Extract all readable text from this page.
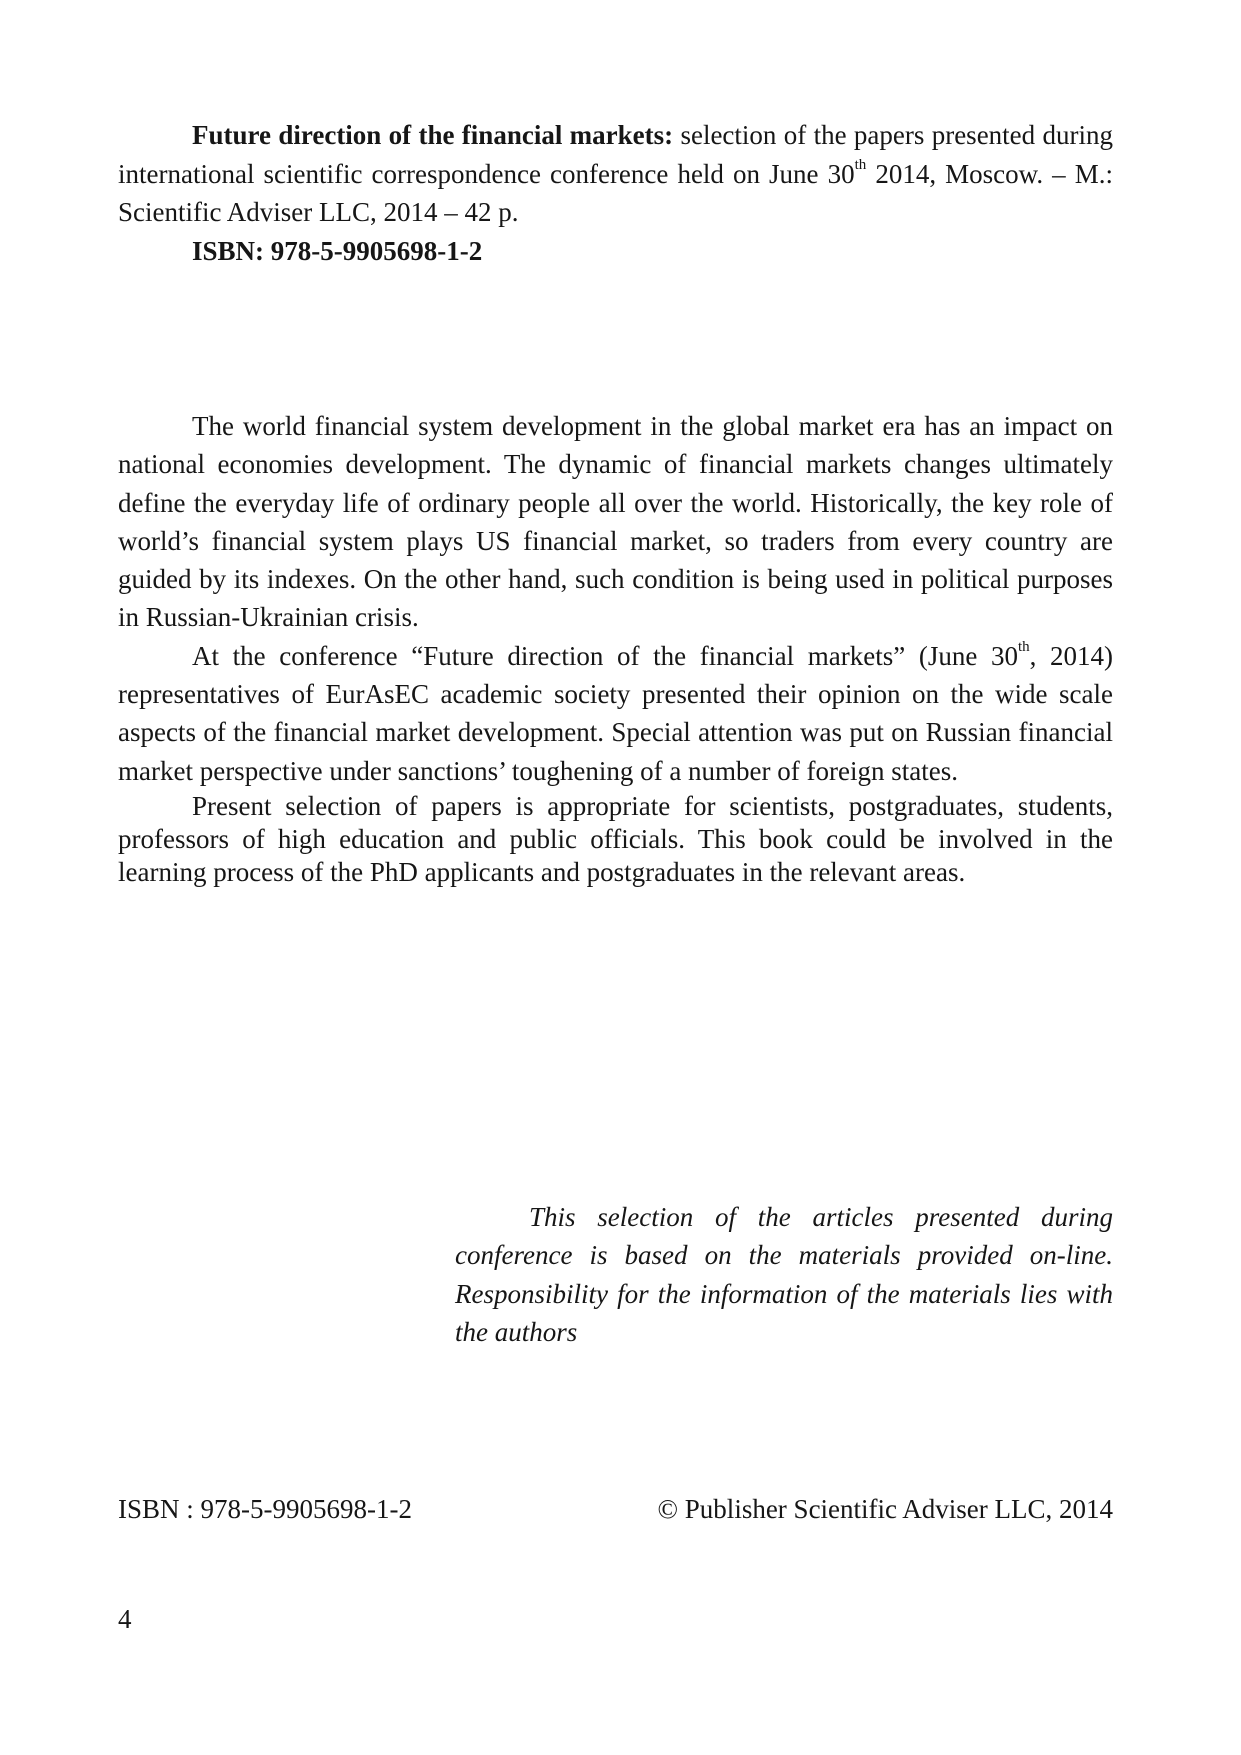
Future direction of the financial markets: selection of the papers presented during international scientific correspondence conference held on June 30th 2014, Moscow. – M.: Scientific Adviser LLC, 2014 – 42 p.

ISBN: 978-5-9905698-1-2

The world financial system development in the global market era has an impact on national economies development. The dynamic of financial markets changes ultimately define the everyday life of ordinary people all over the world. Historically, the key role of world’s financial system plays US financial market, so traders from every country are guided by its indexes. On the other hand, such condition is being used in political purposes in Russian-Ukrainian crisis.

At the conference “Future direction of the financial markets” (June 30th, 2014) representatives of EurAsEC academic society presented their opinion on the wide scale aspects of the financial market development. Special attention was put on Russian financial market perspective under sanctions’ toughening of a number of foreign states.

Present selection of papers is appropriate for scientists, postgraduates, students, professors of high education and public officials. This book could be involved in the learning process of the PhD applicants and postgraduates in the relevant areas.

This selection of the articles presented during conference is based on the materials provided on-line. Responsibility for the information of the materials lies with the authors

ISBN : 978-5-9905698-1-2	© Publisher Scientific Adviser LLC, 2014
4
